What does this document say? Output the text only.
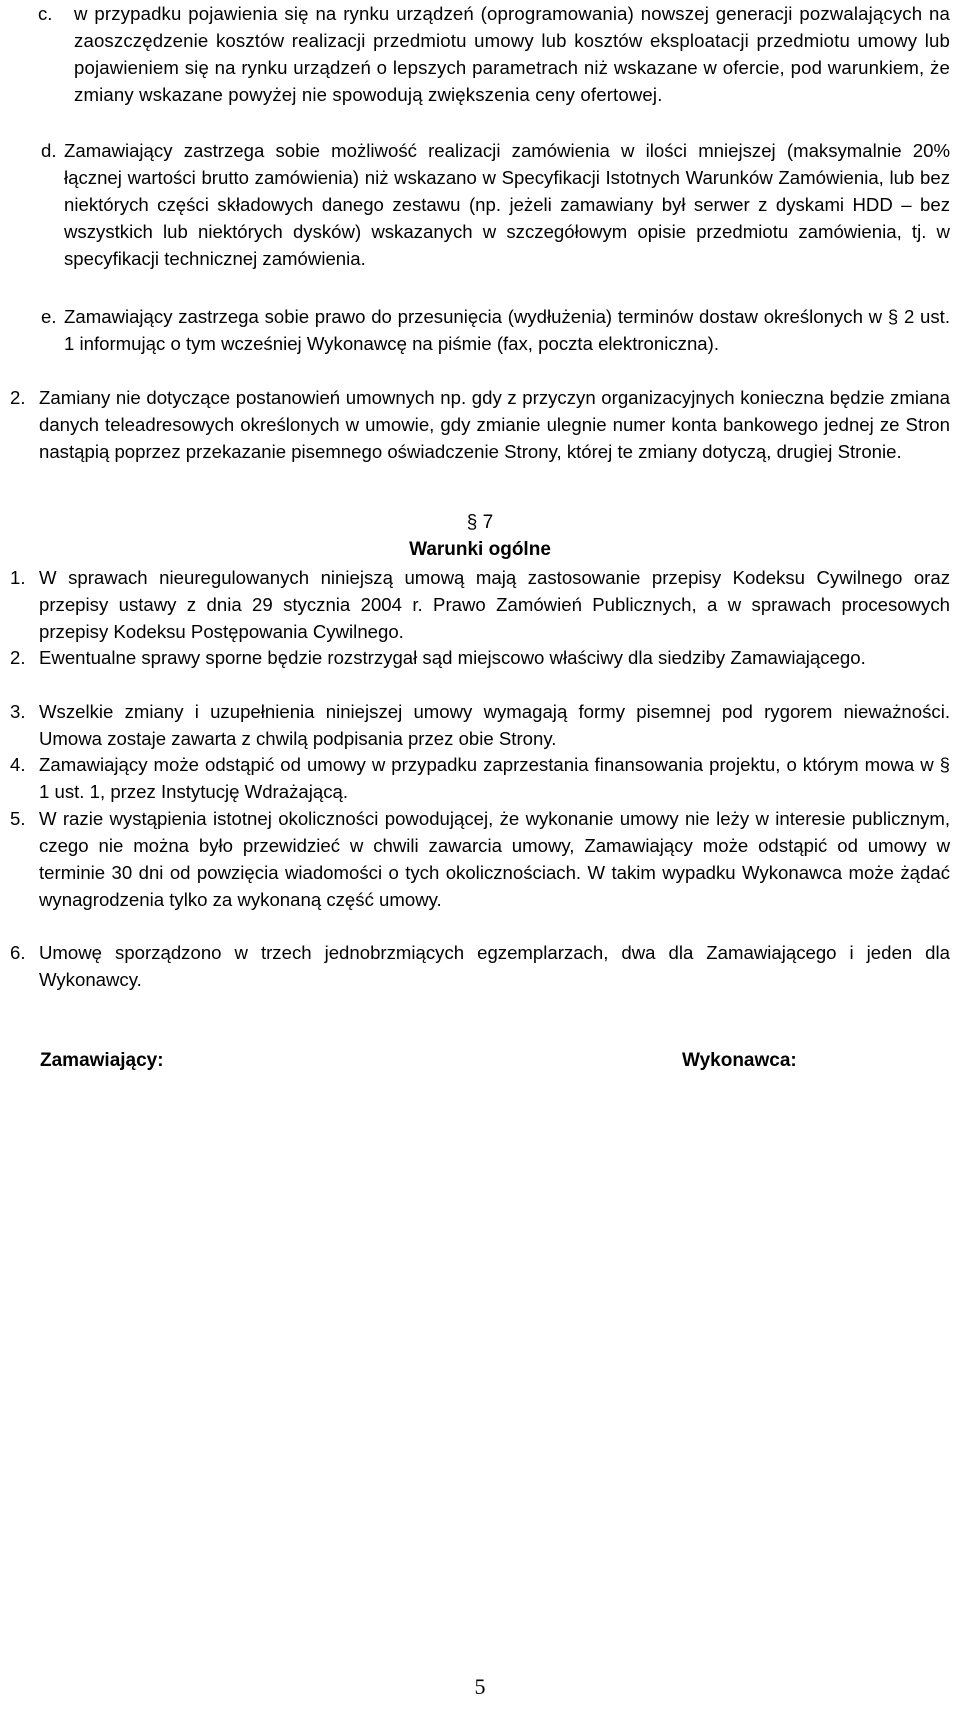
c. w przypadku pojawienia się na rynku urządzeń (oprogramowania) nowszej generacji pozwalających na zaoszczędzenie kosztów realizacji przedmiotu umowy lub kosztów eksploatacji przedmiotu umowy lub pojawieniem się na rynku urządzeń o lepszych parametrach niż wskazane w ofercie, pod warunkiem, że zmiany wskazane powyżej nie spowodują zwiększenia ceny ofertowej.
d. Zamawiający zastrzega sobie możliwość realizacji zamówienia w ilości mniejszej (maksymalnie 20% łącznej wartości brutto zamówienia) niż wskazano w Specyfikacji Istotnych Warunków Zamówienia, lub bez niektórych części składowych danego zestawu (np. jeżeli zamawiany był serwer z dyskami HDD – bez wszystkich lub niektórych dysków) wskazanych w szczegółowym opisie przedmiotu zamówienia, tj. w specyfikacji technicznej zamówienia.
e. Zamawiający zastrzega sobie prawo do przesunięcia (wydłużenia) terminów dostaw określonych w § 2 ust. 1 informując o tym wcześniej Wykonawcę na piśmie (fax, poczta elektroniczna).
2. Zamiany nie dotyczące postanowień umownych np. gdy z przyczyn organizacyjnych konieczna będzie zmiana danych teleadresowych określonych w umowie, gdy zmianie ulegnie numer konta bankowego jednej ze Stron nastąpią poprzez przekazanie pisemnego oświadczenie Strony, której te zmiany dotyczą, drugiej Stronie.
§ 7
Warunki ogólne
1. W sprawach nieuregulowanych niniejszą umową mają zastosowanie przepisy Kodeksu Cywilnego oraz przepisy ustawy z dnia 29 stycznia 2004 r. Prawo Zamówień Publicznych, a w sprawach procesowych przepisy Kodeksu Postępowania Cywilnego.
2. Ewentualne sprawy sporne będzie rozstrzygał sąd miejscowo właściwy dla siedziby Zamawiającego.
3. Wszelkie zmiany i uzupełnienia niniejszej umowy wymagają formy pisemnej pod rygorem nieważności. Umowa zostaje zawarta z chwilą podpisania przez obie Strony.
4. Zamawiający może odstąpić od umowy w przypadku zaprzestania finansowania projektu, o którym mowa w § 1 ust. 1, przez Instytucję Wdrażającą.
5. W razie wystąpienia istotnej okoliczności powodującej, że wykonanie umowy nie leży w interesie publicznym, czego nie można było przewidzieć w chwili zawarcia umowy, Zamawiający może odstąpić od umowy w terminie 30 dni od powzięcia wiadomości o tych okolicznościach. W takim wypadku Wykonawca może żądać wynagrodzenia tylko za wykonaną część umowy.
6. Umowę sporządzono w trzech jednobrzmiących egzemplarzach, dwa dla Zamawiającego i jeden dla Wykonawcy.
Zamawiający:	Wykonawca:
5
